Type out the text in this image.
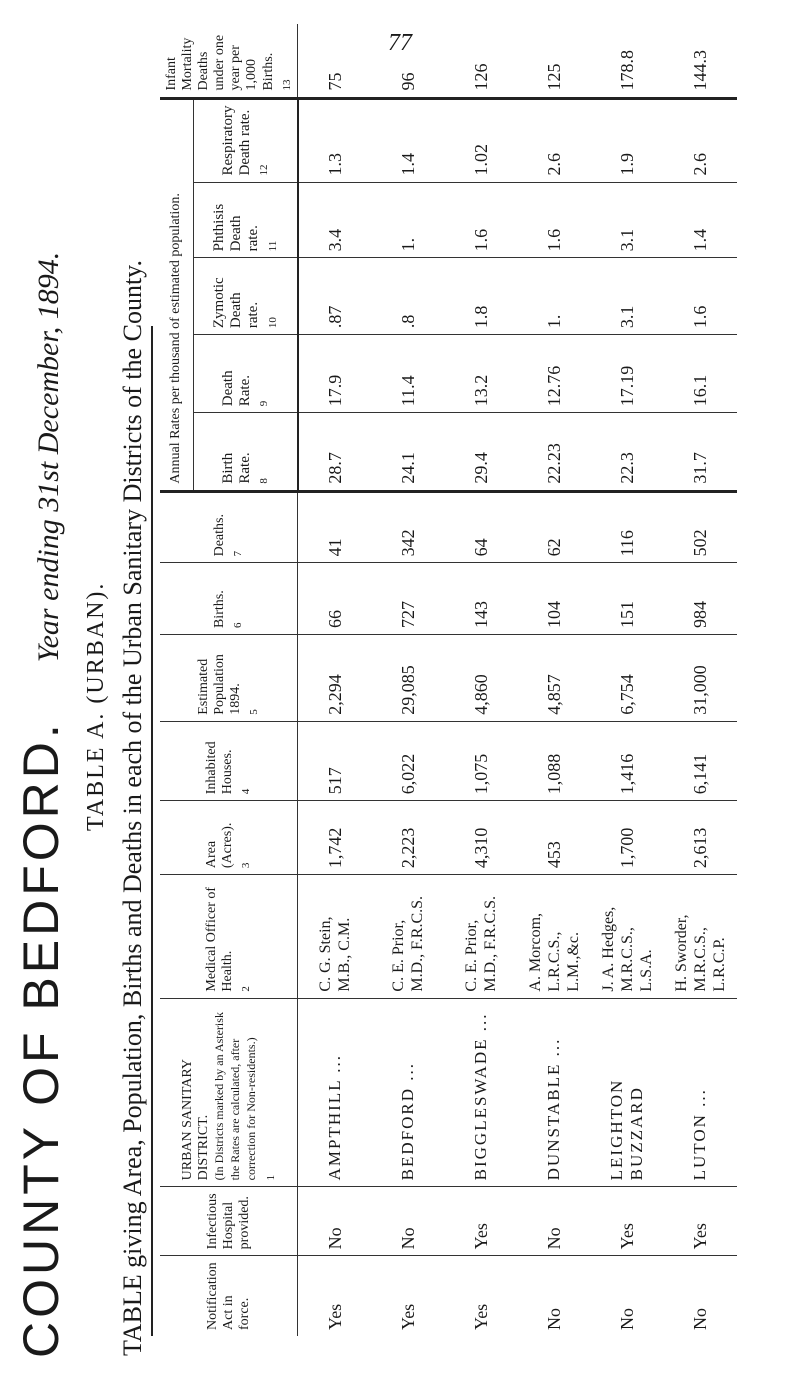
77
COUNTY OF BEDFORD. Year ending 31st December, 1894.
TABLE A. (URBAN). TABLE giving Area, Population, Births and Deaths in each of the Urban Sanitary Districts of the County.	Notification Act in force.	Infectious Hospital provided.	URBAN SANITARY DISTRICT.
(In Districts marked by an Asterisk the Rates are calculated, after correction for Non-residents.) 1	Medical Officer of Health. 2	Area (Acres). 3	Inhabited Houses. 4	Estimated Population 1894. 5	Births. 6	Deaths. 7	Annual Rates per thousand of estimated population.					Infant Mortality Deaths under one year per 1,000 Births. 13

									Birth Rate. 8	Death Rate. 9	Zymotic Death rate. 10	Phthisis Death rate. 11	Respiratory Death rate. 12	

Yes	No	AMPTHILL ...	C. G. Stein, M.B., C.M.	1,742	517	2,294	66	41	28.7	17.9	.87	3.4	1.3	75
Yes	No	BEDFORD ...	C. E. Prior, M.D., F.R.C.S.	2,223	6,022	29,085	727	342	24.1	11.4	.8	1.	1.4	96
Yes	Yes	BIGGLESWADE ...	C. E. Prior, M.D., F.R.C.S.	4,310	1,075	4,860	143	64	29.4	13.2	1.8	1.6	1.02	126
No	No	DUNSTABLE ...	A. Morcom, L.R.C.S., L.M.,&c.	453	1,088	4,857	104	62	22.23	12.76	1.	1.6	2.6	125
No	Yes	LEIGHTON BUZZARD	J. A. Hedges, M.R.C.S., L.S.A.	1,700	1,416	6,754	151	116	22.3	17.19	3.1	3.1	1.9	178.8
No	Yes	LUTON ...	H. Sworder, M.R.C.S., L.R.C.P.	2,613	6,141	31,000	984	502	31.7	16.1	1.6	1.4	2.6	144.3
